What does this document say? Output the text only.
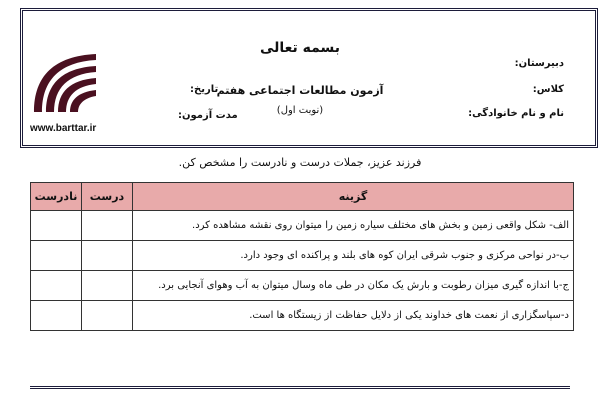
بسمه تعالی
دبیرستان:
کلاس:
نام و نام خانوادگی:
آزمون مطالعات اجتماعی هفتم
(نوبت اول)
تاریخ:
مدت آزمون:
www.barttar.ir
فرزند عزیز، جملات درست و نادرست را مشخص کن.
گزینه	درست	نادرست
الف- شکل واقعی زمین و بخش های مختلف سیاره زمین را میتوان روی نقشه مشاهده کرد.		
ب-در نواحی مرکزی و جنوب شرقی ایران کوه های بلند و پراکنده ای وجود دارد.		
ج-با اندازه گیری میزان رطوبت و بارش یک مکان در طی ماه وسال میتوان به آب وهوای آنجایی برد.		
د-سپاسگزاری از نعمت های خداوند یکی از دلایل حفاظت از زیستگاه ها است.		
